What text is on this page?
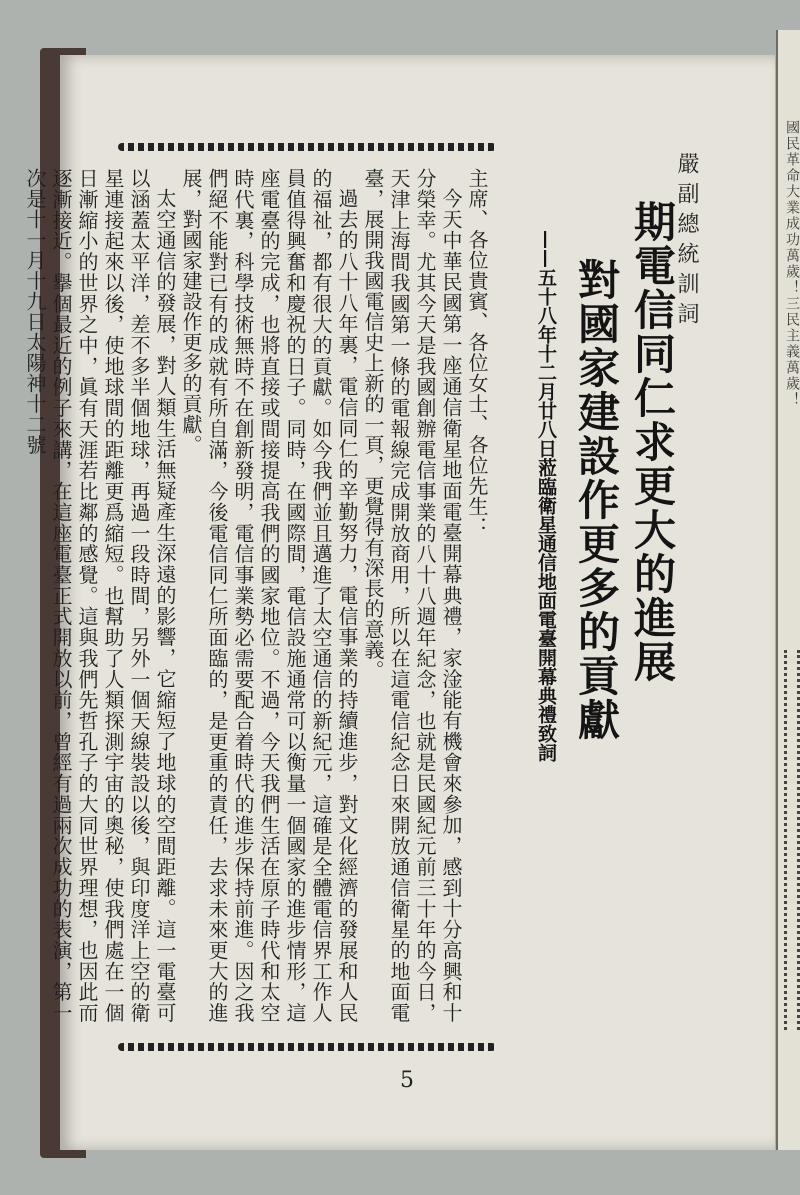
國民革命大業成功萬歲！三民主義萬歲！
嚴副總統訓詞
期電信同仁求更大的進展
對國家建設作更多的貢獻
——五十八年十二月廿八日蒞臨衛星通信地面電臺開幕典禮致詞

主席、各位貴賓、各位女士、各位先生：

今天中華民國第一座通信衛星地面電臺開幕典禮，家淦能有機會來參加，感到十分高興和十分榮幸。尤其今天是我國創辦電信事業的八十八週年紀念，也就是民國紀元前三十年的今日，天津上海間我國第一條的電報線完成開放商用，所以在這電信紀念日來開放通信衛星的地面電臺，展開我國電信史上新的一頁，更覺得有深長的意義。

過去的八十八年裏，電信同仁的辛勤努力，電信事業的持續進步，對文化經濟的發展和人民的福祉，都有很大的貢獻。如今我們並且邁進了太空通信的新紀元，這確是全體電信界工作人員值得興奮和慶祝的日子。同時，在國際間，電信設施通常可以衡量一個國家的進步情形，這座電臺的完成，也將直接或間接提高我們的國家地位。不過，今天我們生活在原子時代和太空時代裏，科學技術無時不在創新發明，電信事業勢必需要配合着時代的進步保持前進。因之我們絕不能對已有的成就有所自滿，今後電信同仁所面臨的，是更重的責任，去求未來更大的進展，對國家建設作更多的貢獻。

太空通信的發展，對人類生活無疑產生深遠的影響，它縮短了地球的空間距離。這一電臺可以涵蓋太平洋，差不多半個地球，再過一段時間，另外一個天線裝設以後，與印度洋上空的衛星連接起來以後，使地球間的距離更爲縮短。也幫助了人類探測宇宙的奧秘，使我們處在一個日漸縮小的世界之中，眞有天涯若比鄰的感覺。這與我們先哲孔子的大同世界理想，也因此而逐漸接近。擧個最近的例子來講，在這座電臺正式開放以前，曾經有過兩次成功的表演，第一次是十一月十九日太陽神十二號

5
